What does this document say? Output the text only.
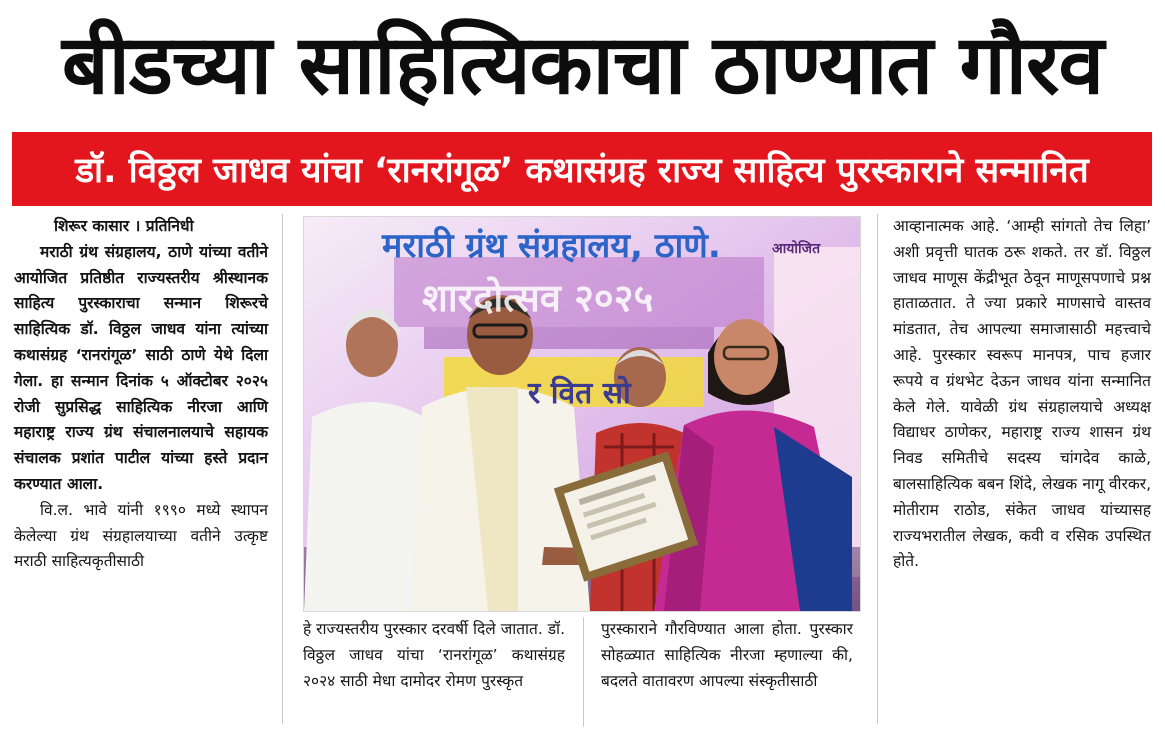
बीडच्या साहित्यिकाचा ठाण्यात गौरव
डॉ. विठ्ठल जाधव यांचा ‘रानरांगूळ’ कथासंग्रह राज्य साहित्य पुरस्काराने सन्मानित

शिरूर कासार । प्रतिनिधी

मराठी ग्रंथ संग्रहालय, ठाणे यांच्या वतीने आयोजित प्रतिष्ठीत राज्यस्तरीय श्रीस्थानक साहित्य पुरस्काराचा सन्मान शिरूरचे साहित्यिक डॉ. विठ्ठल जाधव यांना त्यांच्या कथासंग्रह ‘रानरांगूळ’ साठी ठाणे येथे दिला गेला. हा सन्मान दिनांक ५ ऑक्टोबर २०२५ रोजी सुप्रसिद्ध साहित्यिक नीरजा आणि महाराष्ट्र राज्य ग्रंथ संचालनालयाचे सहायक संचालक प्रशांत पाटील यांच्या हस्ते प्रदान करण्यात आला.

वि.ल. भावे यांनी १९९० मध्ये स्थापन केलेल्या ग्रंथ संग्रहालयाच्या वतीने उत्कृष्ट मराठी साहित्यकृतीसाठी

मराठी ग्रंथ संग्रहालय, ठाणे.	आयोजित
शारदोत्सव २०२५
र वित सो

हे राज्यस्तरीय पुरस्कार दरवर्षी दिले जातात. डॉ. विठ्ठल जाधव यांचा ‘रानरांगूळ’ कथासंग्रह २०२४ साठी मेधा दामोदर रोमण पुरस्कृत

पुरस्काराने गौरविण्यात आला होता. पुरस्कार सोहळ्यात साहित्यिक नीरजा म्हणाल्या की, बदलते वातावरण आपल्या संस्कृतीसाठी

आव्हानात्मक आहे. ‘आम्ही सांगतो तेच लिहा’ अशी प्रवृत्ती घातक ठरू शकते. तर डॉ. विठ्ठल जाधव माणूस केंद्रीभूत ठेवून माणूसपणाचे प्रश्न हाताळतात. ते ज्या प्रकारे माणसाचे वास्तव मांडतात, तेच आपल्या समाजासाठी महत्त्वाचे आहे. पुरस्कार स्वरूप मानपत्र, पाच हजार रूपये व ग्रंथभेट देऊन जाधव यांना सन्मानित केले गेले. यावेळी ग्रंथ संग्रहालयाचे अध्यक्ष विद्याधर ठाणेकर, महाराष्ट्र राज्य शासन ग्रंथ निवड समितीचे सदस्य चांगदेव काळे, बालसाहित्यिक बबन शिंदे, लेखक नागू वीरकर, मोतीराम राठोड, संकेत जाधव यांच्यासह राज्यभरातील लेखक, कवी व रसिक उपस्थित होते.
